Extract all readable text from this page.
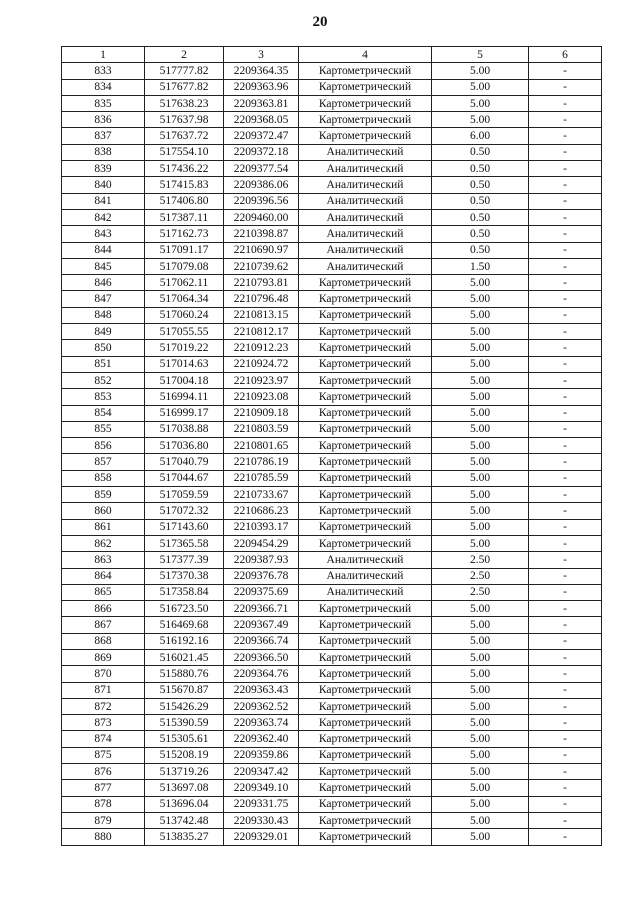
20
1	2	3	4	5	6
833	517777.82	2209364.35	Картометрический	5.00	-
834	517677.82	2209363.96	Картометрический	5.00	-
835	517638.23	2209363.81	Картометрический	5.00	-
836	517637.98	2209368.05	Картометрический	5.00	-
837	517637.72	2209372.47	Картометрический	6.00	-
838	517554.10	2209372.18	Аналитический	0.50	-
839	517436.22	2209377.54	Аналитический	0.50	-
840	517415.83	2209386.06	Аналитический	0.50	-
841	517406.80	2209396.56	Аналитический	0.50	-
842	517387.11	2209460.00	Аналитический	0.50	-
843	517162.73	2210398.87	Аналитический	0.50	-
844	517091.17	2210690.97	Аналитический	0.50	-
845	517079.08	2210739.62	Аналитический	1.50	-
846	517062.11	2210793.81	Картометрический	5.00	-
847	517064.34	2210796.48	Картометрический	5.00	-
848	517060.24	2210813.15	Картометрический	5.00	-
849	517055.55	2210812.17	Картометрический	5.00	-
850	517019.22	2210912.23	Картометрический	5.00	-
851	517014.63	2210924.72	Картометрический	5.00	-
852	517004.18	2210923.97	Картометрический	5.00	-
853	516994.11	2210923.08	Картометрический	5.00	-
854	516999.17	2210909.18	Картометрический	5.00	-
855	517038.88	2210803.59	Картометрический	5.00	-
856	517036.80	2210801.65	Картометрический	5.00	-
857	517040.79	2210786.19	Картометрический	5.00	-
858	517044.67	2210785.59	Картометрический	5.00	-
859	517059.59	2210733.67	Картометрический	5.00	-
860	517072.32	2210686.23	Картометрический	5.00	-
861	517143.60	2210393.17	Картометрический	5.00	-
862	517365.58	2209454.29	Картометрический	5.00	-
863	517377.39	2209387.93	Аналитический	2.50	-
864	517370.38	2209376.78	Аналитический	2.50	-
865	517358.84	2209375.69	Аналитический	2.50	-
866	516723.50	2209366.71	Картометрический	5.00	-
867	516469.68	2209367.49	Картометрический	5.00	-
868	516192.16	2209366.74	Картометрический	5.00	-
869	516021.45	2209366.50	Картометрический	5.00	-
870	515880.76	2209364.76	Картометрический	5.00	-
871	515670.87	2209363.43	Картометрический	5.00	-
872	515426.29	2209362.52	Картометрический	5.00	-
873	515390.59	2209363.74	Картометрический	5.00	-
874	515305.61	2209362.40	Картометрический	5.00	-
875	515208.19	2209359.86	Картометрический	5.00	-
876	513719.26	2209347.42	Картометрический	5.00	-
877	513697.08	2209349.10	Картометрический	5.00	-
878	513696.04	2209331.75	Картометрический	5.00	-
879	513742.48	2209330.43	Картометрический	5.00	-
880	513835.27	2209329.01	Картометрический	5.00	-
